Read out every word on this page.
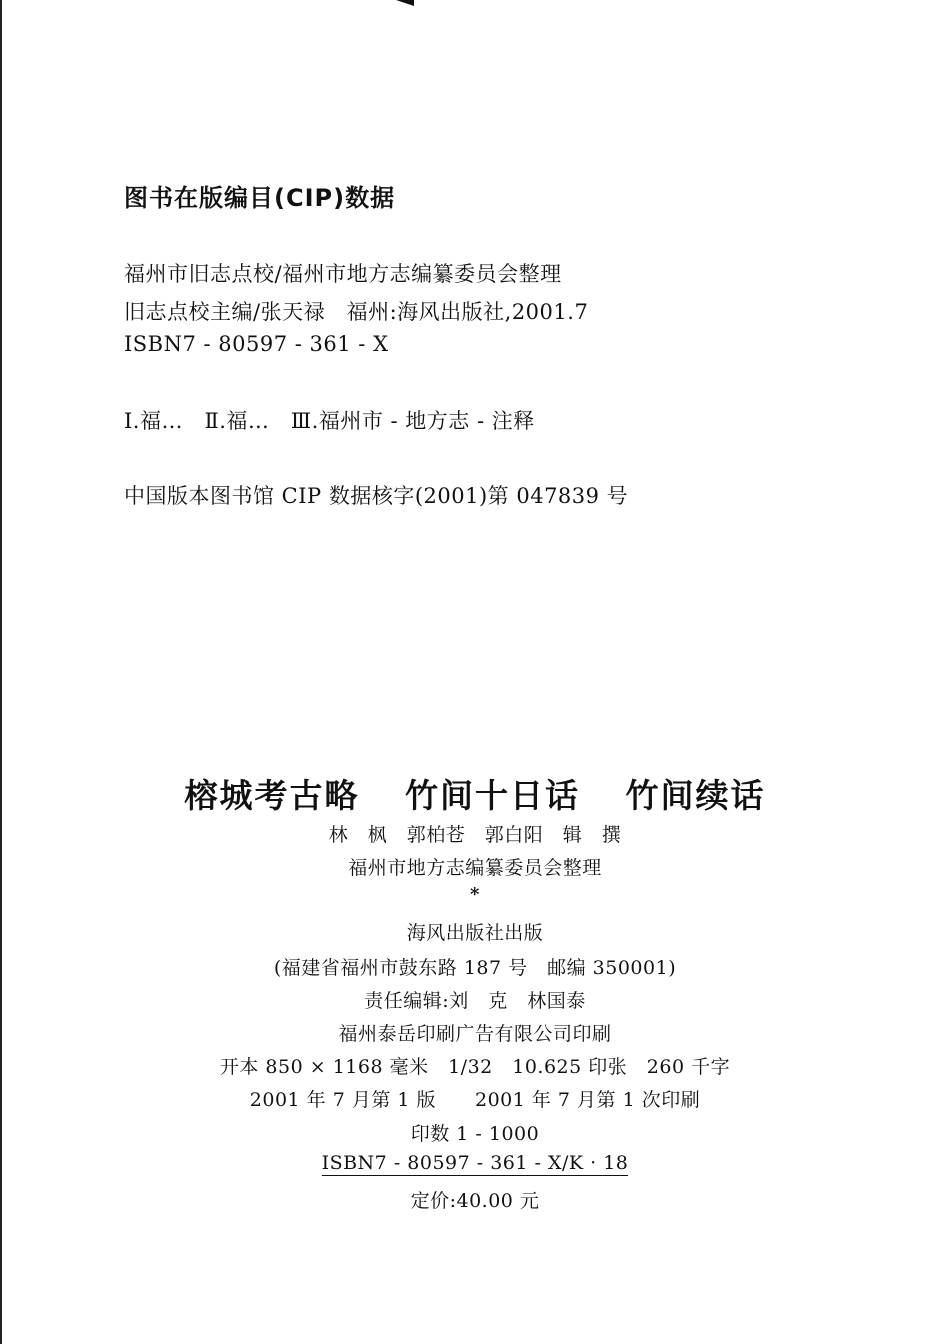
图书在版编目(CIP)数据
福州市旧志点校/福州市地方志编纂委员会整理
旧志点校主编/张天禄　福州:海风出版社,2001.7
ISBN7 - 80597 - 361 - X
Ⅰ.福…　Ⅱ.福…　Ⅲ.福州市 - 地方志 - 注释
中国版本图书馆 CIP 数据核字(2001)第 047839 号
榕城考古略 竹间十日话 竹间续话
林　枫　郭柏苍　郭白阳　辑　撰
福州市地方志编纂委员会整理
*
海风出版社出版
(福建省福州市鼓东路 187 号　邮编 350001)
责任编辑:刘　克　林国泰
福州泰岳印刷广告有限公司印刷
开本 850 × 1168 毫米　1/32　10.625 印张　260 千字
2001 年 7 月第 1 版　　2001 年 7 月第 1 次印刷
印数 1 - 1000
ISBN7 - 80597 - 361 - X/K · 18
定价:40.00 元
